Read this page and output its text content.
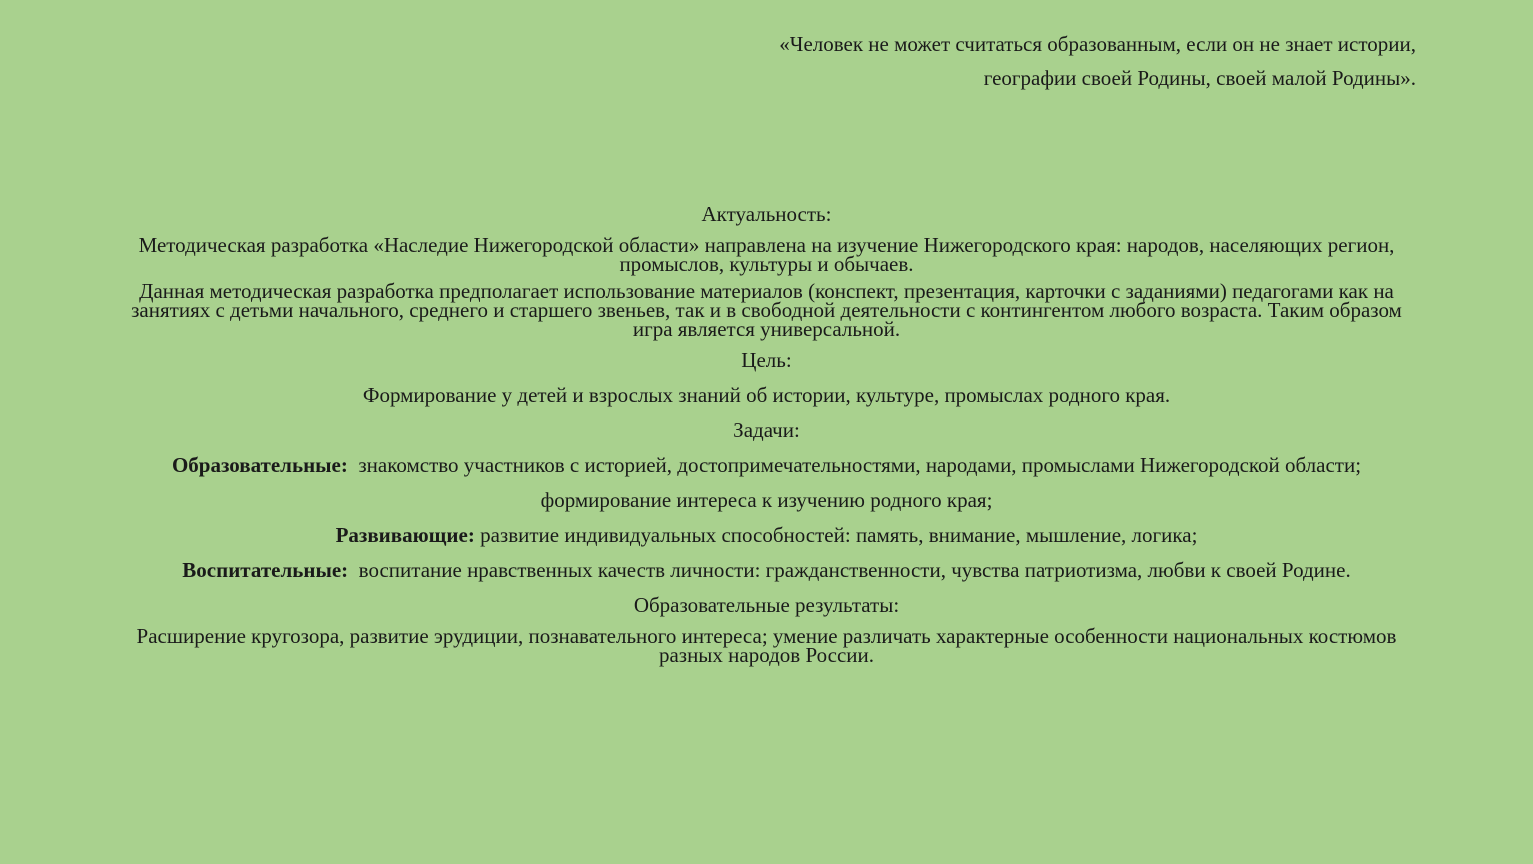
«Человек не может считаться образованным, если он не знает истории,
географии своей Родины, своей малой Родины».

Актуальность:

Методическая разработка «Наследие Нижегородской области» направлена на изучение Нижегородского края: народов, населяющих регион, промыслов, культуры и обычаев.

Данная методическая разработка предполагает использование материалов (конспект, презентация, карточки с заданиями) педагогами как на занятиях с детьми начального, среднего и старшего звеньев, так и в свободной деятельности с контингентом любого возраста. Таким образом игра является универсальной.

Цель:

Формирование у детей и взрослых знаний об истории, культуре, промыслах родного края.

Задачи:

Образовательные: знакомство участников с историей, достопримечательностями, народами, промыслами Нижегородской области;

формирование интереса к изучению родного края;

Развивающие: развитие индивидуальных способностей: память, внимание, мышление, логика;

Воспитательные: воспитание нравственных качеств личности: гражданственности, чувства патриотизма, любви к своей Родине.

Образовательные результаты:

Расширение кругозора, развитие эрудиции, познавательного интереса; умение различать характерные особенности национальных костюмов разных народов России.
